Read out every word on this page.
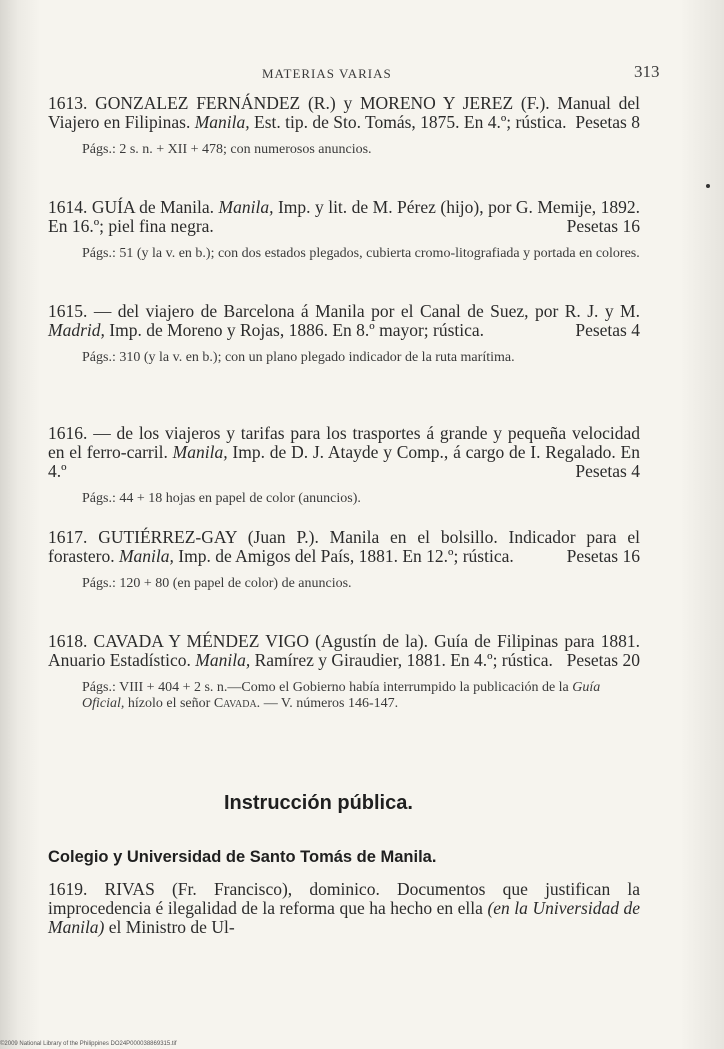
MATERIAS VARIAS	313

1613. GONZALEZ FERNÁNDEZ (R.) y MORENO Y JEREZ (F.). Manual del Viajero en Filipinas. Manila, Est. tip. de Sto. Tomás, 1875. En 4.º; rústica. Pesetas 8

Págs.: 2 s. n. + XII + 478; con numerosos anuncios.

1614. GUÍA de Manila. Manila, Imp. y lit. de M. Pérez (hijo), por G. Memije, 1892. En 16.º; piel fina negra.	Pesetas 16

Págs.: 51 (y la v. en b.); con dos estados plegados, cubierta cromo-litografiada y portada en colores.

1615. — del viajero de Barcelona á Manila por el Canal de Suez, por R. J. y M. Madrid, Imp. de Moreno y Rojas, 1886. En 8.º mayor; rústica.	Pesetas 4

Págs.: 310 (y la v. en b.); con un plano plegado indicador de la ruta marítima.

1616. — de los viajeros y tarifas para los trasportes á grande y pequeña velocidad en el ferro-carril. Manila, Imp. de D. J. Atayde y Comp., á cargo de I. Regalado. En 4.º	Pesetas 4

Págs.: 44 + 18 hojas en papel de color (anuncios).

1617. GUTIÉRREZ-GAY (Juan P.). Manila en el bolsillo. Indicador para el forastero. Manila, Imp. de Amigos del País, 1881. En 12.º; rústica.	Pesetas 16

Págs.: 120 + 80 (en papel de color) de anuncios.

1618. CAVADA Y MÉNDEZ VIGO (Agustín de la). Guía de Filipinas para 1881. Anuario Estadístico. Manila, Ramírez y Giraudier, 1881. En 4.º; rústica. Pesetas 20

Págs.: VIII + 404 + 2 s. n.—Como el Gobierno había interrumpido la publicación de la Guía Oficial, hízolo el señor Cavada. — V. números 146-147.

Instrucción pública.
Colegio y Universidad de Santo Tomás de Manila.

1619. RIVAS (Fr. Francisco), dominico. Documentos que justifican la improcedencia é ilegalidad de la reforma que ha hecho en ella (en la Universidad de Manila) el Ministro de Ul-

©2009 National Library of the Philippines DO24P000038869315.tif
